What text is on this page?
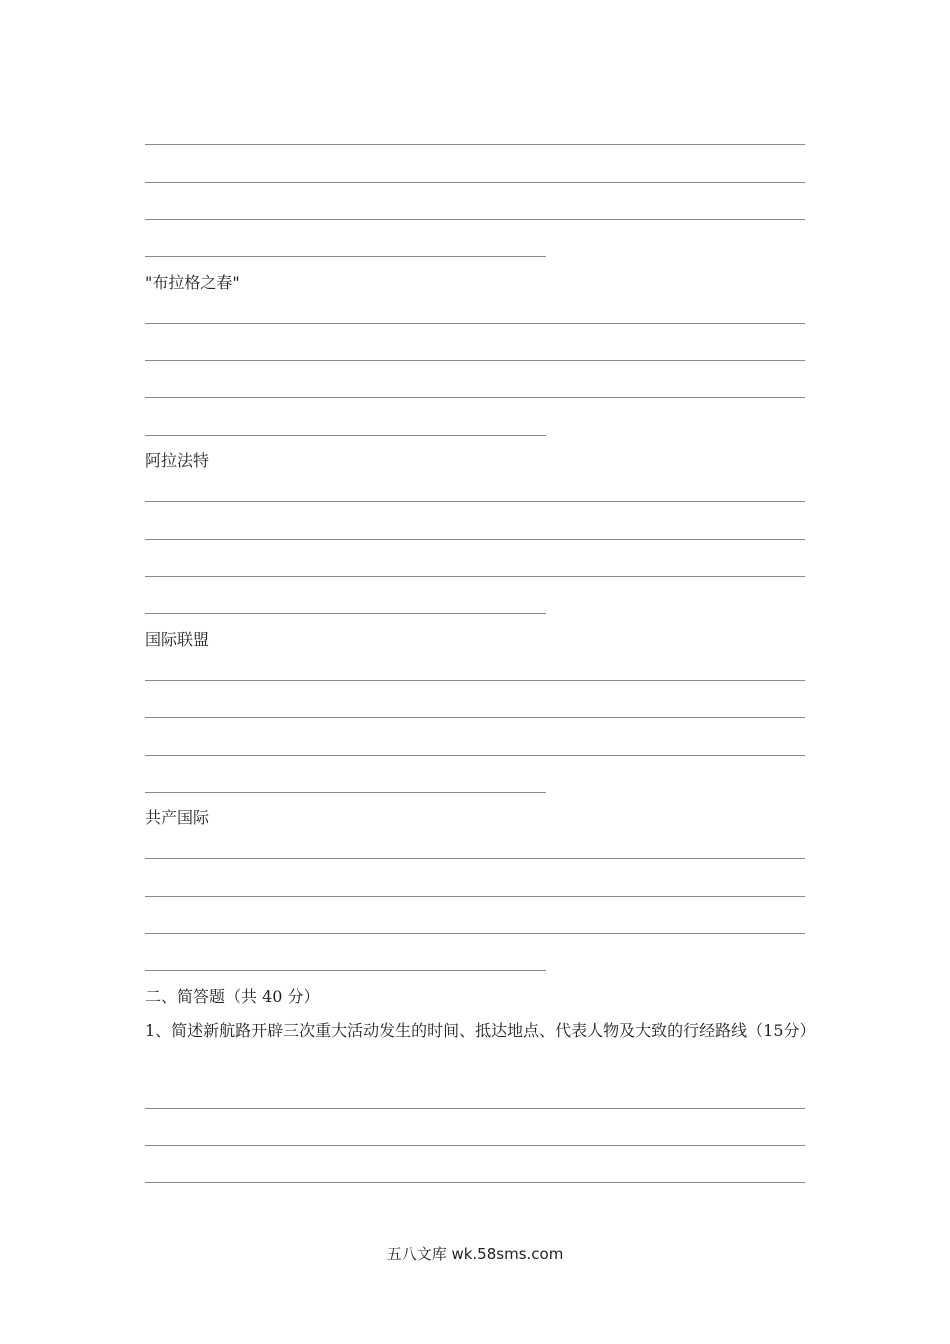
"布拉格之春"
阿拉法特
国际联盟
共产国际
二、简答题（共 40 分）
1、简述新航路开辟三次重大活动发生的时间、抵达地点、代表人物及大致的行经路线（15分）
五八文库 wk.58sms.com
